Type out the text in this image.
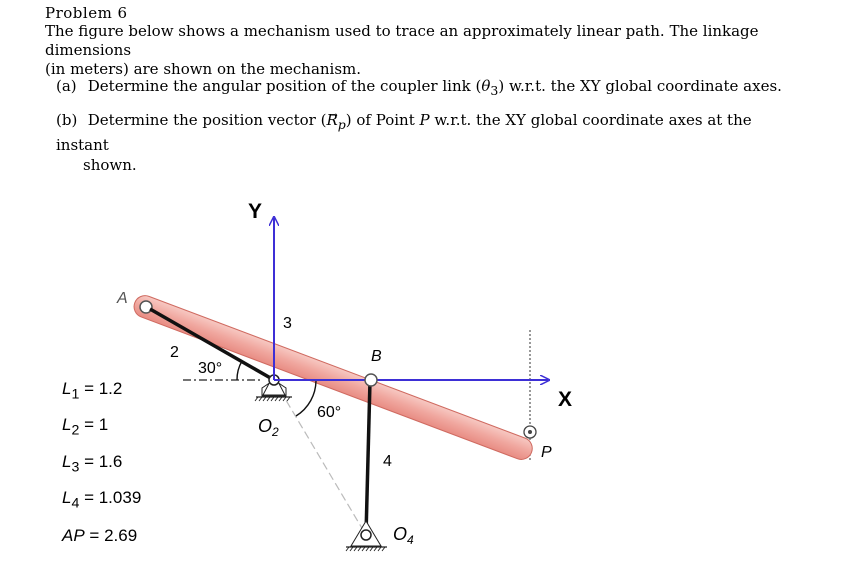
Problem 6
The figure below shows a mechanism used to trace an approximately linear path. The linkage dimensions
(in meters) are shown on the mechanism.
(a) Determine the angular position of the coupler link $(\theta_3)$ w.r.t. the XY global coordinate axes.
(b) Determine the position vector $(R_p)$ of Point P w.r.t. the XY global coordinate axes at the instant
shown.
Y
X
A
B
P
2
3
4
30°
60°
$O_2$
$O_4$
$L_1 = 1.2$
$L_2 = 1$
$L_3 = 1.6$
$L_4 = 1.039$
AP = 2.69
